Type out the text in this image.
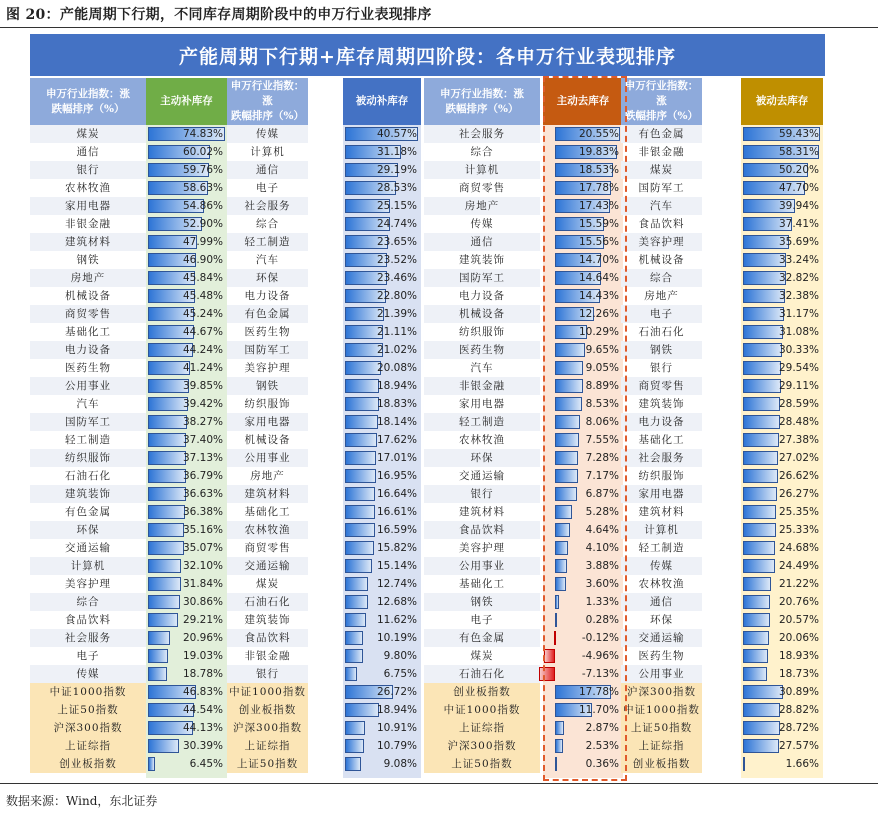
图 20：产能周期下行期，不同库存周期阶段中的申万行业表现排序
产能周期下行期+库存周期四阶段：各申万行业表现排序
申万行业指数：涨
跌幅排序（%）
主动补库存
申万行业指数：涨
跌幅排序（%）
被动补库存
申万行业指数：涨
跌幅排序（%）
主动去库存
申万行业指数：涨
跌幅排序（%）
被动去库存
煤炭	74.83%	传媒	40.57%	社会服务	20.55%	有色金属	59.43%
通信	60.02%	计算机	31.18%	综合	19.83%	非银金融	58.31%
银行	59.76%	通信	29.19%	计算机	18.53%	煤炭	50.20%
农林牧渔	58.63%	电子	28.53%	商贸零售	17.78%	国防军工	47.70%
家用电器	54.86%	社会服务	25.15%	房地产	17.43%	汽车	39.94%
非银金融	52.90%	综合	24.74%	传媒	15.59%	食品饮料	37.41%
建筑材料	47.99%	轻工制造	23.65%	通信	15.56%	美容护理	35.69%
钢铁	46.90%	汽车	23.52%	建筑装饰	14.70%	机械设备	33.24%
房地产	45.84%	环保	23.46%	国防军工	14.64%	综合	32.82%
机械设备	45.48%	电力设备	22.80%	电力设备	14.43%	房地产	32.38%
商贸零售	45.24%	有色金属	21.39%	机械设备	12.26%	电子	31.17%
基础化工	44.67%	医药生物	21.11%	纺织服饰	10.29%	石油石化	31.08%
电力设备	44.24%	国防军工	21.02%	医药生物	9.65%	钢铁	30.33%
医药生物	41.24%	美容护理	20.08%	汽车	9.05%	银行	29.54%
公用事业	39.85%	钢铁	18.94%	非银金融	8.89%	商贸零售	29.11%
汽车	39.42%	纺织服饰	18.83%	家用电器	8.53%	建筑装饰	28.59%
国防军工	38.27%	家用电器	18.14%	轻工制造	8.06%	电力设备	28.48%
轻工制造	37.40%	机械设备	17.62%	农林牧渔	7.55%	基础化工	27.38%
纺织服饰	37.13%	公用事业	17.01%	环保	7.28%	社会服务	27.02%
石油石化	36.79%	房地产	16.95%	交通运输	7.17%	纺织服饰	26.62%
建筑装饰	36.63%	建筑材料	16.64%	银行	6.87%	家用电器	26.27%
有色金属	36.38%	基础化工	16.61%	建筑材料	5.28%	建筑材料	25.35%
环保	35.16%	农林牧渔	16.59%	食品饮料	4.64%	计算机	25.33%
交通运输	35.07%	商贸零售	15.82%	美容护理	4.10%	轻工制造	24.68%
计算机	32.10%	交通运输	15.14%	公用事业	3.88%	传媒	24.49%
美容护理	31.84%	煤炭	12.74%	基础化工	3.60%	农林牧渔	21.22%
综合	30.86%	石油石化	12.68%	钢铁	1.33%	通信	20.76%
食品饮料	29.21%	建筑装饰	11.62%	电子	0.28%	环保	20.57%
社会服务	20.96%	食品饮料	10.19%	有色金属	-0.12%	交通运输	20.06%
电子	19.03%	非银金融	9.80%	煤炭	-4.96%	医药生物	18.93%
传媒	18.78%	银行	6.75%	石油石化	-7.13%	公用事业	18.73%
中证1000指数	46.83% 中证1000指数	26.72%	创业板指数	17.78% 沪深300指数	30.89%
上证50指数	44.54%	创业板指数	18.94%	中证1000指数	11.70% 中证1000指数	28.82%
沪深300指数	44.13% 沪深300指数	10.91%	上证综指	2.87%	上证50指数	28.72%
上证综指	30.39%	上证综指	10.79%	沪深300指数	2.53%	上证综指	27.57%
创业板指数	6.45%	上证50指数	9.08%	上证50指数	0.36%	创业板指数	1.66%
数据来源：Wind，东北证券
